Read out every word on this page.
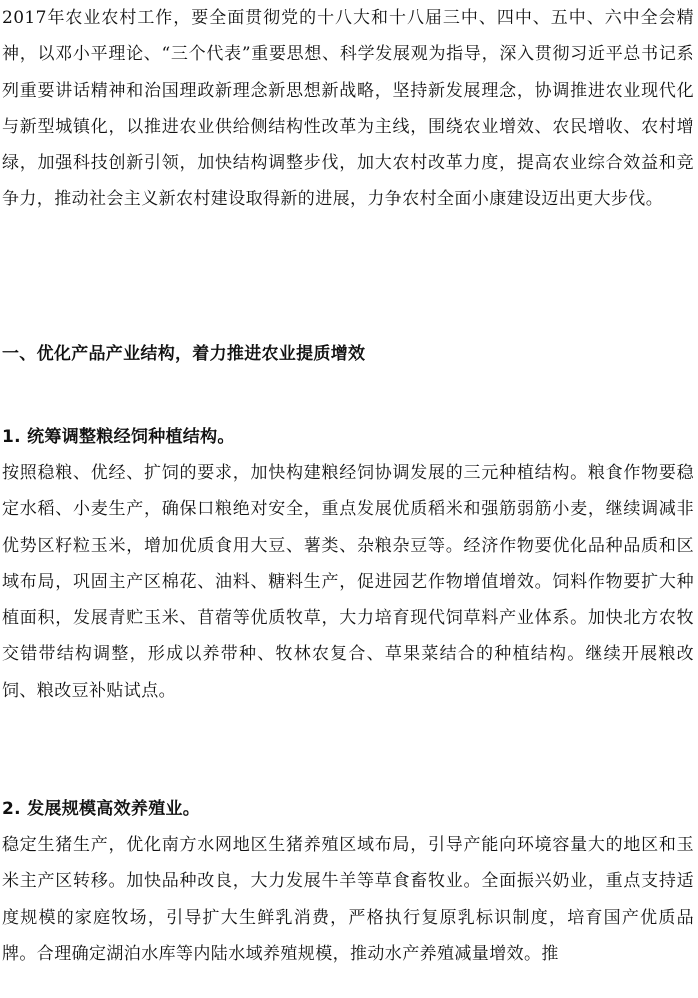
2017年农业农村工作，要全面贯彻党的十八大和十八届三中、四中、五中、六中全会精神，以邓小平理论、“三个代表”重要思想、科学发展观为指导，深入贯彻习近平总书记系列重要讲话精神和治国理政新理念新思想新战略，坚持新发展理念，协调推进农业现代化与新型城镇化，以推进农业供给侧结构性改革为主线，围绕农业增效、农民增收、农村增绿，加强科技创新引领，加快结构调整步伐，加大农村改革力度，提高农业综合效益和竞争力，推动社会主义新农村建设取得新的进展，力争农村全面小康建设迈出更大步伐。

一、优化产品产业结构，着力推进农业提质增效
1. 统筹调整粮经饲种植结构。

按照稳粮、优经、扩饲的要求，加快构建粮经饲协调发展的三元种植结构。粮食作物要稳定水稻、小麦生产，确保口粮绝对安全，重点发展优质稻米和强筋弱筋小麦，继续调减非优势区籽粒玉米，增加优质食用大豆、薯类、杂粮杂豆等。经济作物要优化品种品质和区域布局，巩固主产区棉花、油料、糖料生产，促进园艺作物增值增效。饲料作物要扩大种植面积，发展青贮玉米、苜蓿等优质牧草，大力培育现代饲草料产业体系。加快北方农牧交错带结构调整，形成以养带种、牧林农复合、草果菜结合的种植结构。继续开展粮改饲、粮改豆补贴试点。

2. 发展规模高效养殖业。

稳定生猪生产，优化南方水网地区生猪养殖区域布局，引导产能向环境容量大的地区和玉米主产区转移。加快品种改良，大力发展牛羊等草食畜牧业。全面振兴奶业，重点支持适度规模的家庭牧场，引导扩大生鲜乳消费，严格执行复原乳标识制度，培育国产优质品牌。合理确定湖泊水库等内陆水域养殖规模，推动水产养殖减量增效。推
